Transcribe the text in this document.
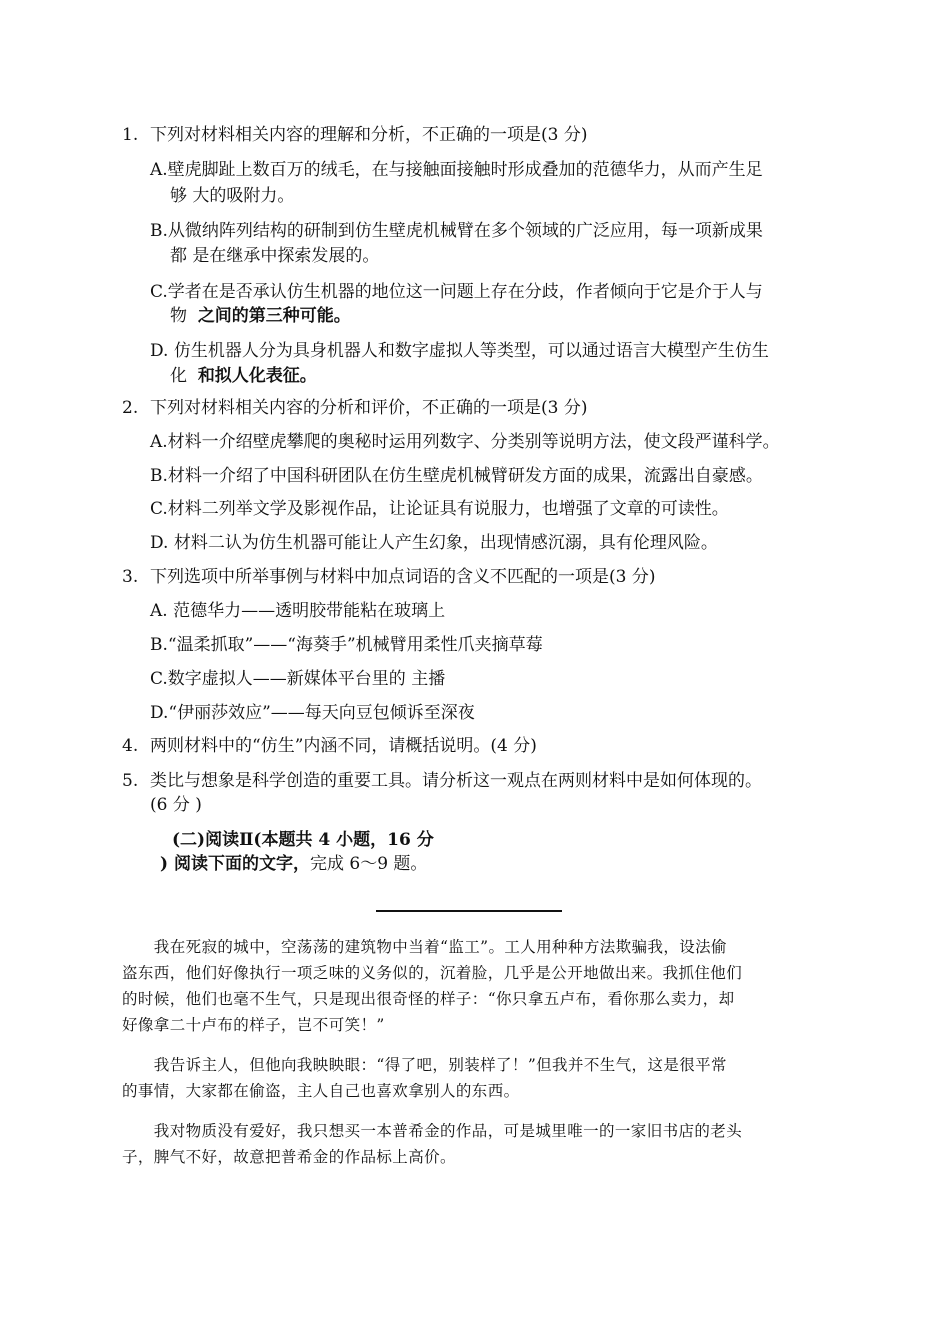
1. 下列对材料相关内容的理解和分析，不正确的一项是(3 分)
A.壁虎脚趾上数百万的绒毛，在与接触面接触时形成叠加的范德华力，从而产生足
够 大的吸附力。
B.从微纳阵列结构的研制到仿生壁虎机械臂在多个领域的广泛应用，每一项新成果
都 是在继承中探索发展的。
C.学者在是否承认仿生机器的地位这一问题上存在分歧，作者倾向于它是介于人与
物 之间的第三种可能。
D. 仿生机器人分为具身机器人和数字虚拟人等类型，可以通过语言大模型产生仿生
化 和拟人化表征。
2. 下列对材料相关内容的分析和评价，不正确的一项是(3 分)
A.材料一介绍壁虎攀爬的奥秘时运用列数字、分类别等说明方法，使文段严谨科学。
B.材料一介绍了中国科研团队在仿生壁虎机械臂研发方面的成果，流露出自豪感。
C.材料二列举文学及影视作品，让论证具有说服力，也增强了文章的可读性。
D. 材料二认为仿生机器可能让人产生幻象，出现情感沉溺，具有伦理风险。
3. 下列选项中所举事例与材料中加点词语的含义不匹配的一项是(3 分)
A. 范德华力——透明胶带能粘在玻璃上
B.“温柔抓取”——“海葵手”机械臂用柔性爪夹摘草莓
C.数字虚拟人——新媒体平台里的 主播
D.“伊丽莎效应”——每天向豆包倾诉至深夜
4. 两则材料中的“仿生”内涵不同，请概括说明。(4 分)
5. 类比与想象是科学创造的重要工具。请分析这一观点在两则材料中是如何体现的。
(6 分 )
(二)阅读Ⅱ(本题共 4 小题，16 分
) 阅读下面的文字，完成 6～9 题。
　　我在死寂的城中，空荡荡的建筑物中当着“监工”。工人用种种方法欺骗我，设法偷
盗东西，他们好像执行一项乏味的义务似的，沉着脸，几乎是公开地做出来。我抓住他们
的时候，他们也毫不生气，只是现出很奇怪的样子：“你只拿五卢布，看你那么卖力，却
好像拿二十卢布的样子，岂不可笑！”
　　我告诉主人，但他向我眏眏眼：“得了吧，别装样了！”但我并不生气，这是很平常
的事情，大家都在偷盗，主人自己也喜欢拿别人的东西。
　　我对物质没有爱好，我只想买一本普希金的作品，可是城里唯一的一家旧书店的老头
子，脾气不好，故意把普希金的作品标上高价。
